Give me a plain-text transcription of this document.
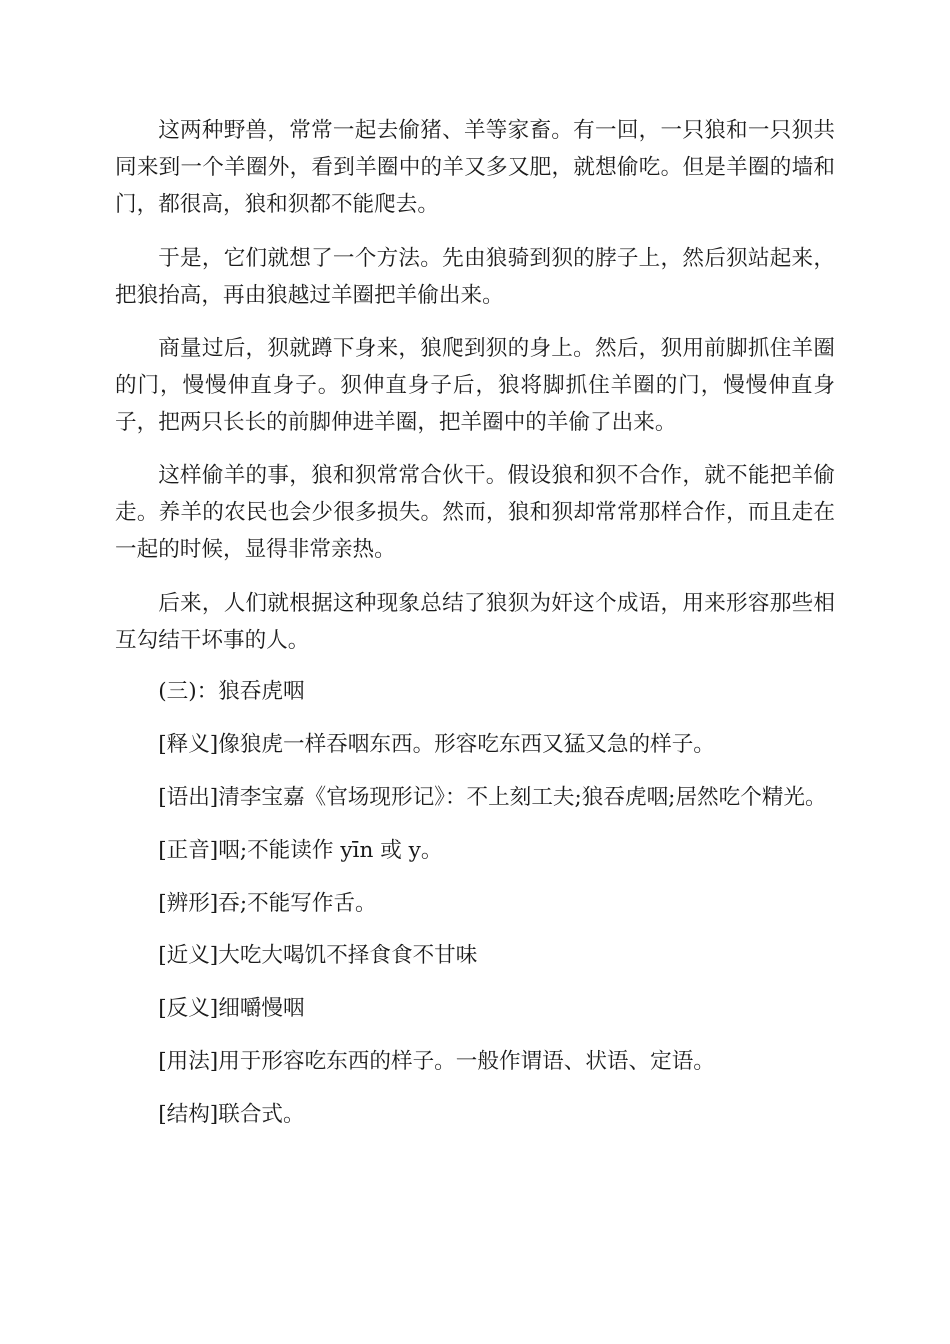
这两种野兽，常常一起去偷猪、羊等家畜。有一回，一只狼和一只狈共同来到一个羊圈外，看到羊圈中的羊又多又肥，就想偷吃。但是羊圈的墙和门，都很高，狼和狈都不能爬去。

于是，它们就想了一个方法。先由狼骑到狈的脖子上，然后狈站起来，把狼抬高，再由狼越过羊圈把羊偷出来。

商量过后，狈就蹲下身来，狼爬到狈的身上。然后，狈用前脚抓住羊圈的门，慢慢伸直身子。狈伸直身子后，狼将脚抓住羊圈的门，慢慢伸直身子，把两只长长的前脚伸进羊圈，把羊圈中的羊偷了出来。

这样偷羊的事，狼和狈常常合伙干。假设狼和狈不合作，就不能把羊偷走。养羊的农民也会少很多损失。然而，狼和狈却常常那样合作，而且走在一起的时候，显得非常亲热。

后来，人们就根据这种现象总结了狼狈为奸这个成语，用来形容那些相互勾结干坏事的人。

(三)：狼吞虎咽

[释义]像狼虎一样吞咽东西。形容吃东西又猛又急的样子。

[语出]清李宝嘉《官场现形记》：不上刻工夫;狼吞虎咽;居然吃个精光。

[正音]咽;不能读作 yīn 或 y。

[辨形]吞;不能写作舌。

[近义]大吃大喝饥不择食食不甘味

[反义]细嚼慢咽

[用法]用于形容吃东西的样子。一般作谓语、状语、定语。

[结构]联合式。
